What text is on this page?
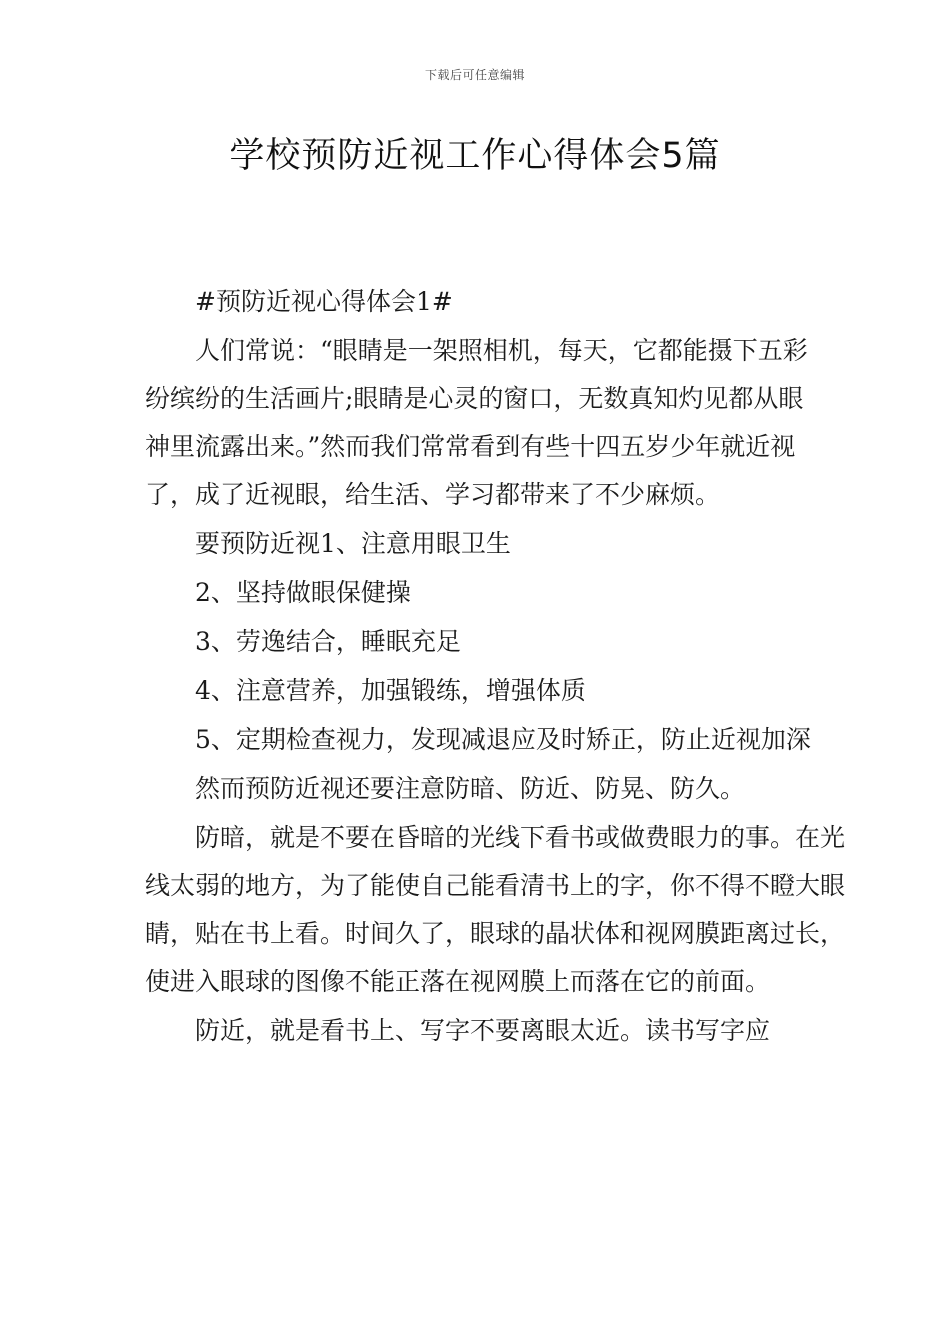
下载后可任意编辑
学校预防近视工作心得体会5篇

#预防近视心得体会1#

人们常说：“眼睛是一架照相机，每天，它都能摄下五彩纷缤纷的生活画片;眼睛是心灵的窗口，无数真知灼见都从眼神里流露出来。”然而我们常常看到有些十四五岁少年就近视了，成了近视眼，给生活、学习都带来了不少麻烦。

要预防近视1、注意用眼卫生

2、坚持做眼保健操

3、劳逸结合，睡眠充足

4、注意营养，加强锻练，增强体质

5、定期检查视力，发现减退应及时矫正，防止近视加深

然而预防近视还要注意防暗、防近、防晃、防久。

防暗，就是不要在昏暗的光线下看书或做费眼力的事。在光线太弱的地方，为了能使自己能看清书上的字，你不得不瞪大眼睛，贴在书上看。时间久了，眼球的晶状体和视网膜距离过长，使进入眼球的图像不能正落在视网膜上而落在它的前面。

防近，就是看书上、写字不要离眼太近。读书写字应
